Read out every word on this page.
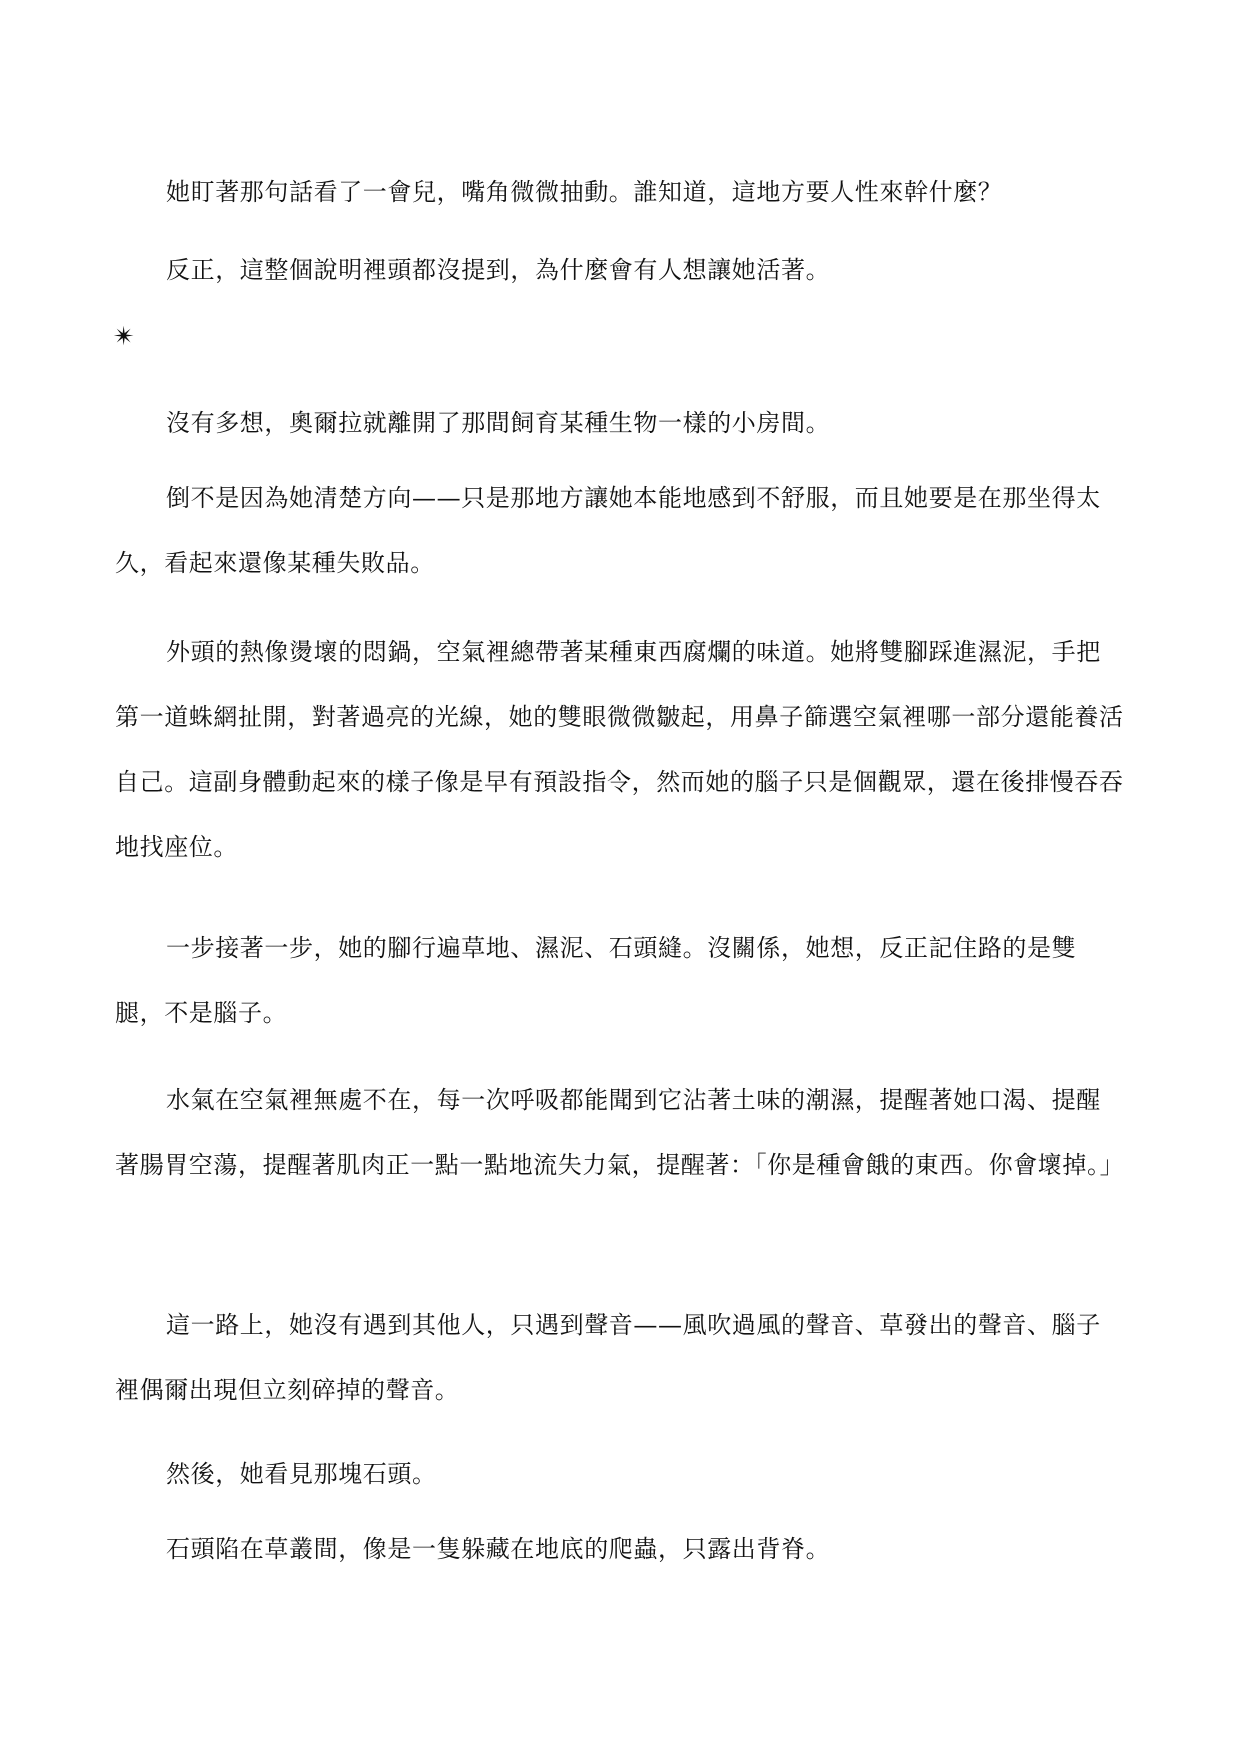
她盯著那句話看了一會兒，嘴角微微抽動。誰知道，這地方要人性來幹什麼？

反正，這整個說明裡頭都沒提到，為什麼會有人想讓她活著。

✴

沒有多想，奧爾拉就離開了那間飼育某種生物一樣的小房間。

倒不是因為她清楚方向——只是那地方讓她本能地感到不舒服，而且她要是在那坐得太久，看起來還像某種失敗品。

外頭的熱像燙壞的悶鍋，空氣裡總帶著某種東西腐爛的味道。她將雙腳踩進濕泥，手把第一道蛛網扯開，對著過亮的光線，她的雙眼微微皺起，用鼻子篩選空氣裡哪一部分還能養活自己。這副身體動起來的樣子像是早有預設指令，然而她的腦子只是個觀眾，還在後排慢吞吞地找座位。

一步接著一步，她的腳行遍草地、濕泥、石頭縫。沒關係，她想，反正記住路的是雙腿，不是腦子。

水氣在空氣裡無處不在，每一次呼吸都能聞到它沾著土味的潮濕，提醒著她口渴、提醒著腸胃空蕩，提醒著肌肉正一點一點地流失力氣，提醒著：「你是種會餓的東西。你會壞掉。」

這一路上，她沒有遇到其他人，只遇到聲音——風吹過風的聲音、草發出的聲音、腦子裡偶爾出現但立刻碎掉的聲音。

然後，她看見那塊石頭。

石頭陷在草叢間，像是一隻躲藏在地底的爬蟲，只露出背脊。
